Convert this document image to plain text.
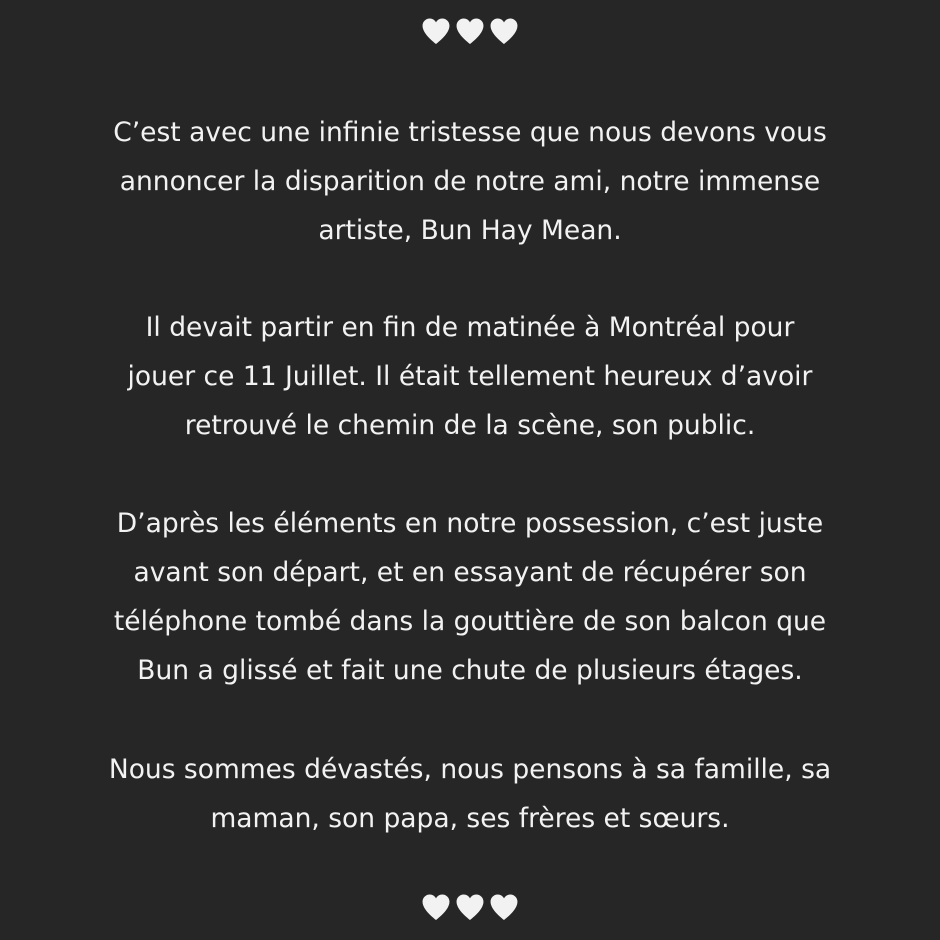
C’est avec une infinie tristesse que nous devons vous
annoncer la disparition de notre ami, notre immense
artiste, Bun Hay Mean.
Il devait partir en fin de matinée à Montréal pour
jouer ce 11 Juillet. Il était tellement heureux d’avoir
retrouvé le chemin de la scène, son public.
D’après les éléments en notre possession, c’est juste
avant son départ, et en essayant de récupérer son
téléphone tombé dans la gouttière de son balcon que
Bun a glissé et fait une chute de plusieurs étages.
Nous sommes dévastés, nous pensons à sa famille, sa
maman, son papa, ses frères et sœurs.
